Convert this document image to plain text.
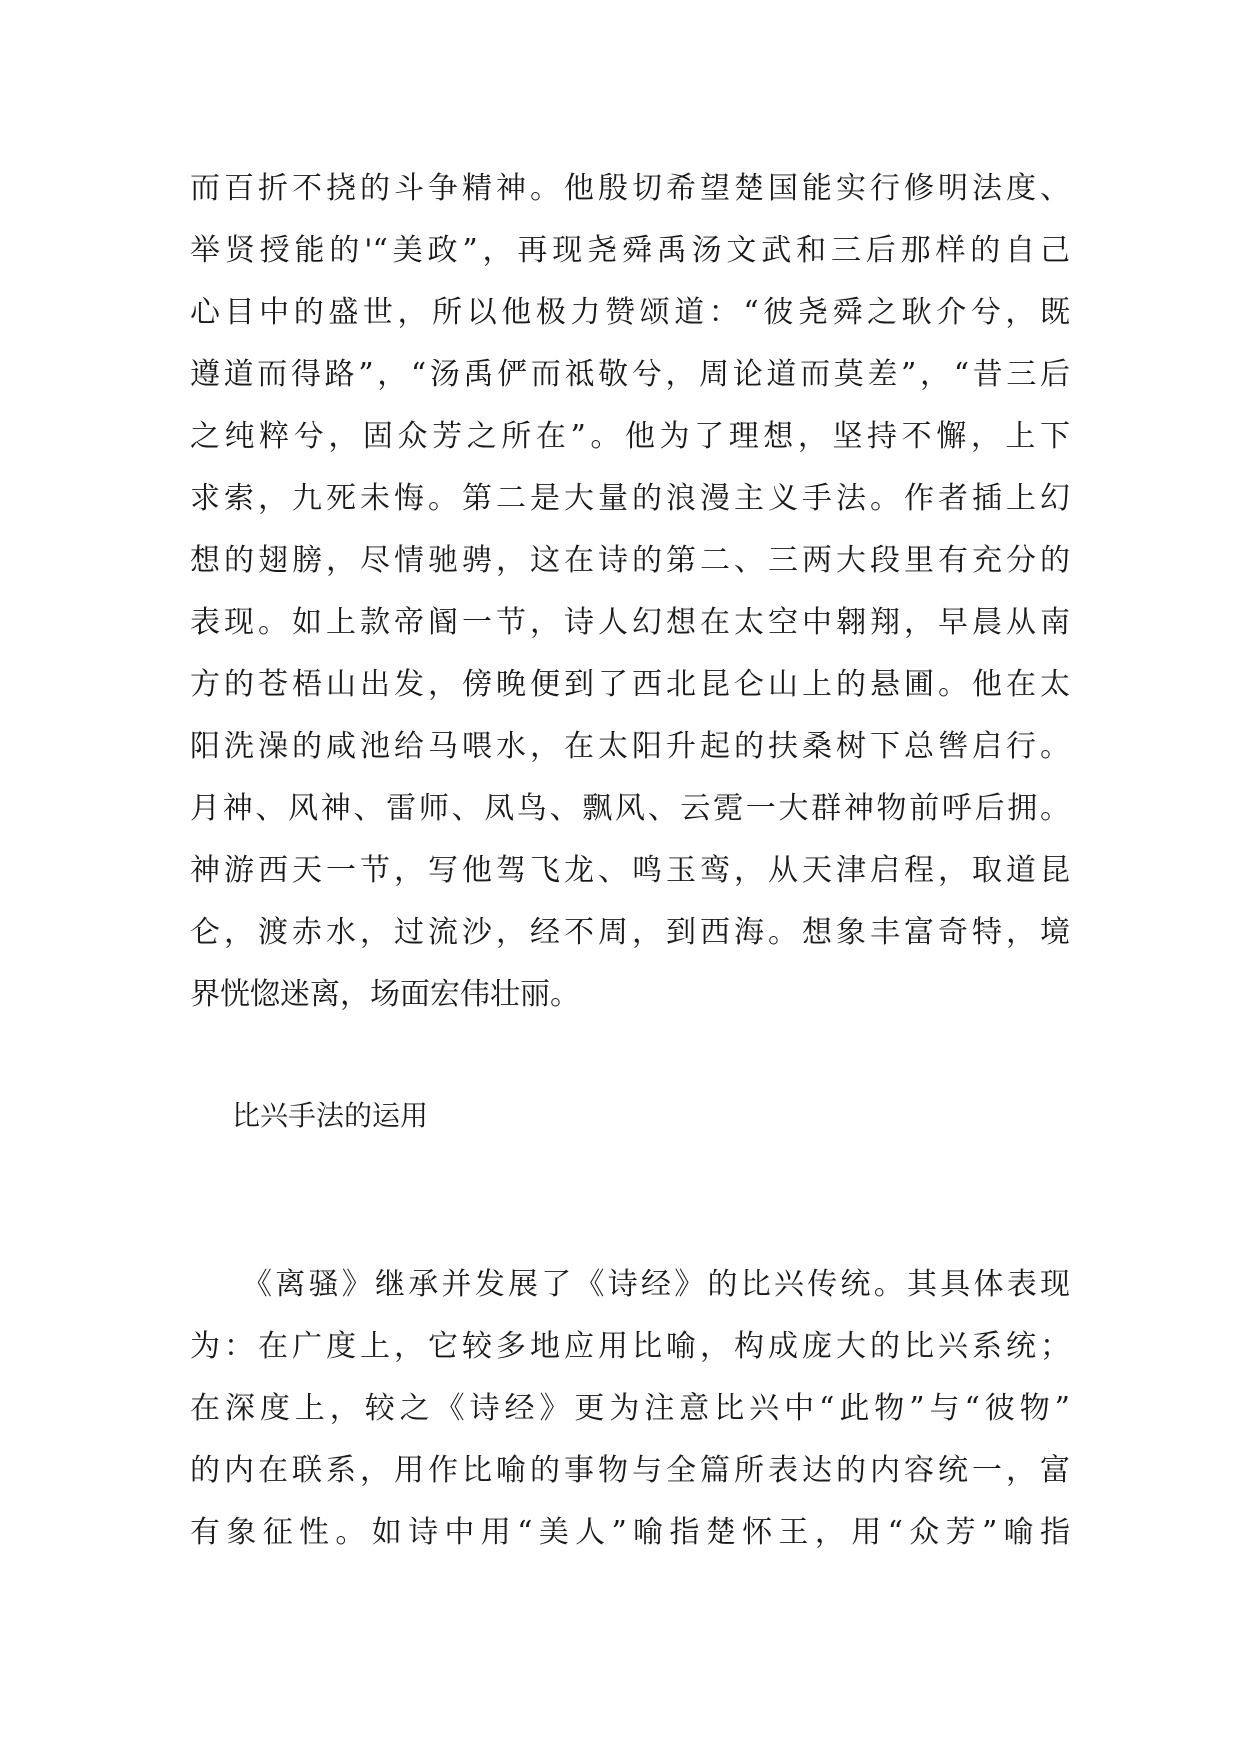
而百折不挠的斗争精神。他殷切希望楚国能实行修明法度、
举贤授能的'“美政”，再现尧舜禹汤文武和三后那样的自己
心目中的盛世，所以他极力赞颂道：“彼尧舜之耿介兮，既
遵道而得路”，“汤禹俨而祗敬兮，周论道而莫差”，“昔三后
之纯粹兮，固众芳之所在”。他为了理想，坚持不懈，上下
求索，九死未悔。第二是大量的浪漫主义手法。作者插上幻
想的翅膀，尽情驰骋，这在诗的第二、三两大段里有充分的
表现。如上款帝阍一节，诗人幻想在太空中翱翔，早晨从南
方的苍梧山出发，傍晚便到了西北昆仑山上的悬圃。他在太
阳洗澡的咸池给马喂水，在太阳升起的扶桑树下总辔启行。
月神、风神、雷师、凤鸟、飘风、云霓一大群神物前呼后拥。
神游西天一节，写他驾飞龙、鸣玉鸾，从天津启程，取道昆
仑，渡赤水，过流沙，经不周，到西海。想象丰富奇特，境
界恍惚迷离，场面宏伟壮丽。
比兴手法的运用
《离骚》继承并发展了《诗经》的比兴传统。其具体表现
为：在广度上，它较多地应用比喻，构成庞大的比兴系统；
在深度上，较之《诗经》更为注意比兴中“此物”与“彼物”
的内在联系，用作比喻的事物与全篇所表达的内容统一，富
有象征性。如诗中用“美人”喻指楚怀王，用“众芳”喻指
